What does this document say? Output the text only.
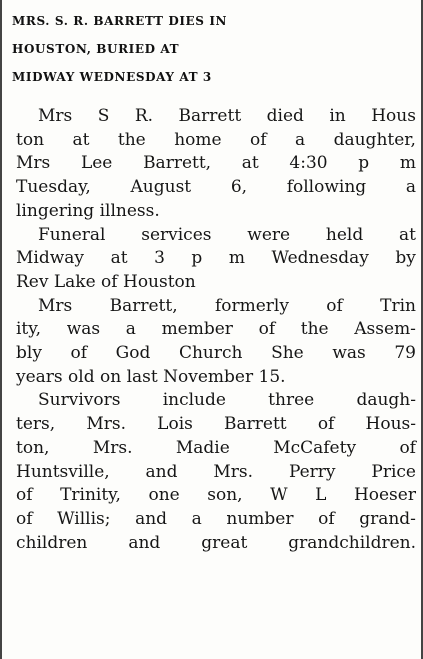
MRS. S. R. BARRETT DIES IN
HOUSTON, BURIED AT
MIDWAY WEDNESDAY AT 3
Mrs S R. Barrett died in Hous
ton at the home of a daughter,
Mrs Lee Barrett, at 4:30 p m
Tuesday, August 6, following a
lingering illness.
Funeral services were held at
Midway at 3 p m Wednesday by
Rev Lake of Houston
Mrs Barrett, formerly of Trin
ity, was a member of the Assem-
bly of God Church She was 79
years old on last November 15.
Survivors include three daugh-
ters, Mrs. Lois Barrett of Hous-
ton,	Mrs.	Madie	McCafety	of
Huntsville, and Mrs. Perry Price
of Trinity, one son, W L Hoeser
of Willis; and a number of grand-
children and great grandchildren.
